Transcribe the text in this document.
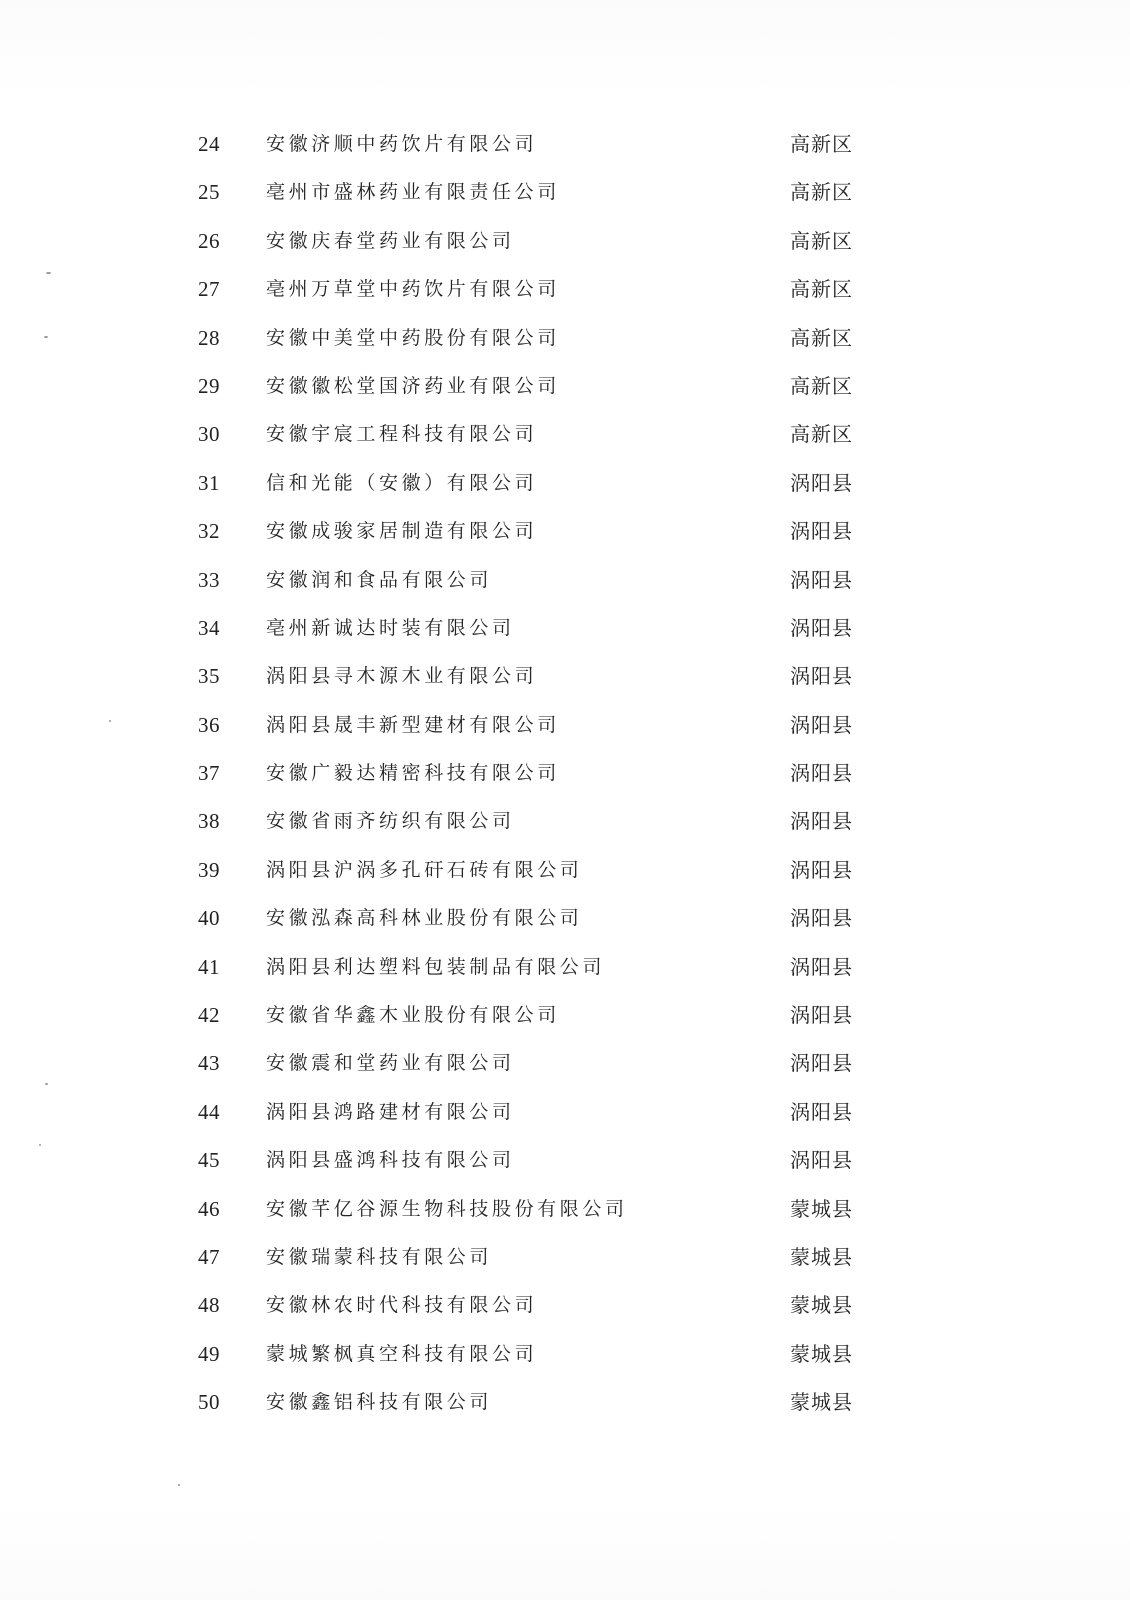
24	安徽济顺中药饮片有限公司	高新区
25	亳州市盛林药业有限责任公司	高新区
26	安徽庆春堂药业有限公司	高新区
27	亳州万草堂中药饮片有限公司	高新区
28	安徽中美堂中药股份有限公司	高新区
29	安徽徽松堂国济药业有限公司	高新区
30	安徽宇宸工程科技有限公司	高新区
31	信和光能（安徽）有限公司	涡阳县
32	安徽成骏家居制造有限公司	涡阳县
33	安徽润和食品有限公司	涡阳县
34	亳州新诚达时装有限公司	涡阳县
35	涡阳县寻木源木业有限公司	涡阳县
36	涡阳县晟丰新型建材有限公司	涡阳县
37	安徽广毅达精密科技有限公司	涡阳县
38	安徽省雨齐纺织有限公司	涡阳县
39	涡阳县沪涡多孔矸石砖有限公司	涡阳县
40	安徽泓森高科林业股份有限公司	涡阳县
41	涡阳县利达塑料包装制品有限公司	涡阳县
42	安徽省华鑫木业股份有限公司	涡阳县
43	安徽震和堂药业有限公司	涡阳县
44	涡阳县鸿路建材有限公司	涡阳县
45	涡阳县盛鸿科技有限公司	涡阳县
46	安徽芊亿谷源生物科技股份有限公司	蒙城县
47	安徽瑞蒙科技有限公司	蒙城县
48	安徽林农时代科技有限公司	蒙城县
49	蒙城繁枫真空科技有限公司	蒙城县
50	安徽鑫铝科技有限公司	蒙城县
